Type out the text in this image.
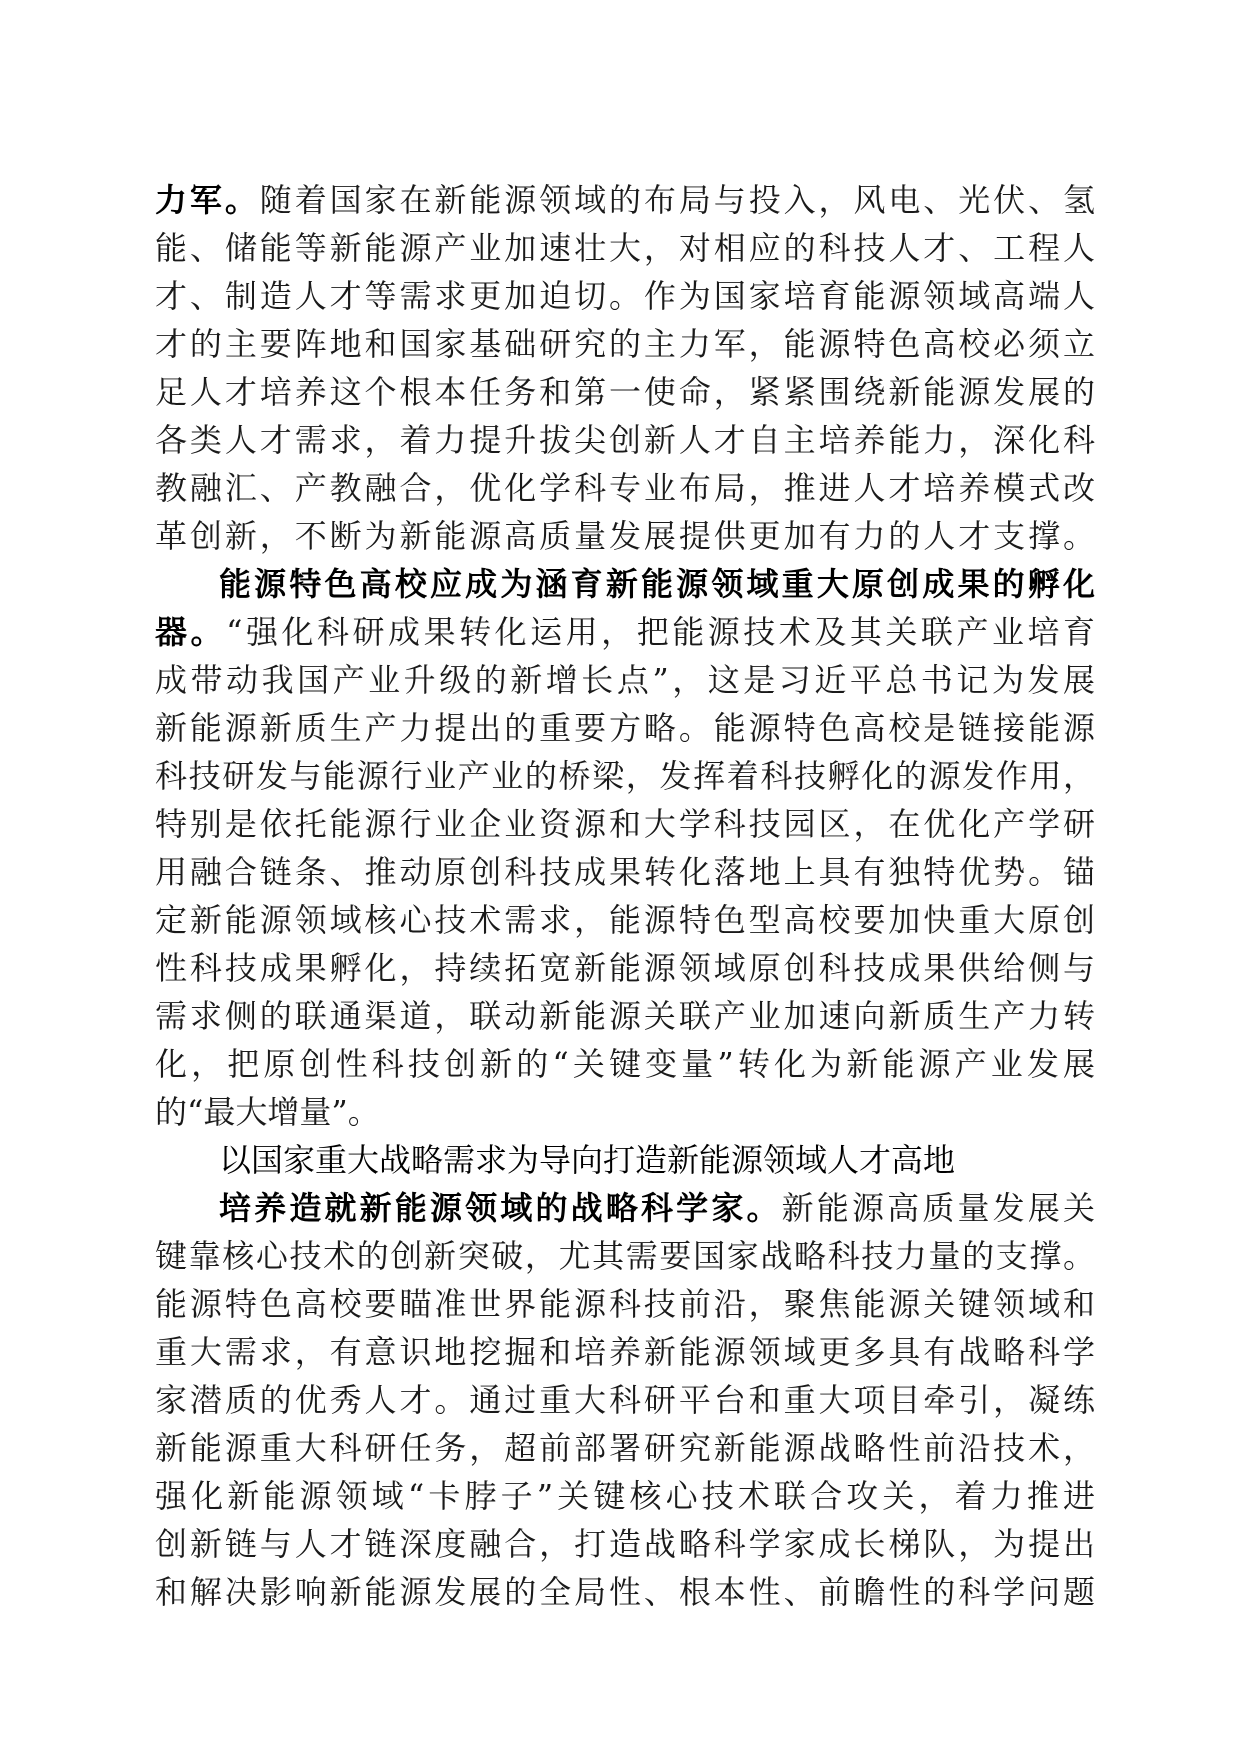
力军。随着国家在新能源领域的布局与投入，风电、光伏、氢
能、储能等新能源产业加速壮大，对相应的科技人才、工程人
才、制造人才等需求更加迫切。作为国家培育能源领域高端人
才的主要阵地和国家基础研究的主力军，能源特色高校必须立
足人才培养这个根本任务和第一使命，紧紧围绕新能源发展的
各类人才需求，着力提升拔尖创新人才自主培养能力，深化科
教融汇、产教融合，优化学科专业布局，推进人才培养模式改
革创新，不断为新能源高质量发展提供更加有力的人才支撑。
能源特色高校应成为涵育新能源领域重大原创成果的孵化
器。“强化科研成果转化运用，把能源技术及其关联产业培育
成带动我国产业升级的新增长点”，这是习近平总书记为发展
新能源新质生产力提出的重要方略。能源特色高校是链接能源
科技研发与能源行业产业的桥梁，发挥着科技孵化的源发作用，
特别是依托能源行业企业资源和大学科技园区，在优化产学研
用融合链条、推动原创科技成果转化落地上具有独特优势。锚
定新能源领域核心技术需求，能源特色型高校要加快重大原创
性科技成果孵化，持续拓宽新能源领域原创科技成果供给侧与
需求侧的联通渠道，联动新能源关联产业加速向新质生产力转
化，把原创性科技创新的“关键变量”转化为新能源产业发展
的“最大增量”。
以国家重大战略需求为导向打造新能源领域人才高地
培养造就新能源领域的战略科学家。新能源高质量发展关
键靠核心技术的创新突破，尤其需要国家战略科技力量的支撑。
能源特色高校要瞄准世界能源科技前沿，聚焦能源关键领域和
重大需求，有意识地挖掘和培养新能源领域更多具有战略科学
家潜质的优秀人才。通过重大科研平台和重大项目牵引，凝练
新能源重大科研任务，超前部署研究新能源战略性前沿技术，
强化新能源领域“卡脖子”关键核心技术联合攻关，着力推进
创新链与人才链深度融合，打造战略科学家成长梯队，为提出
和解决影响新能源发展的全局性、根本性、前瞻性的科学问题
